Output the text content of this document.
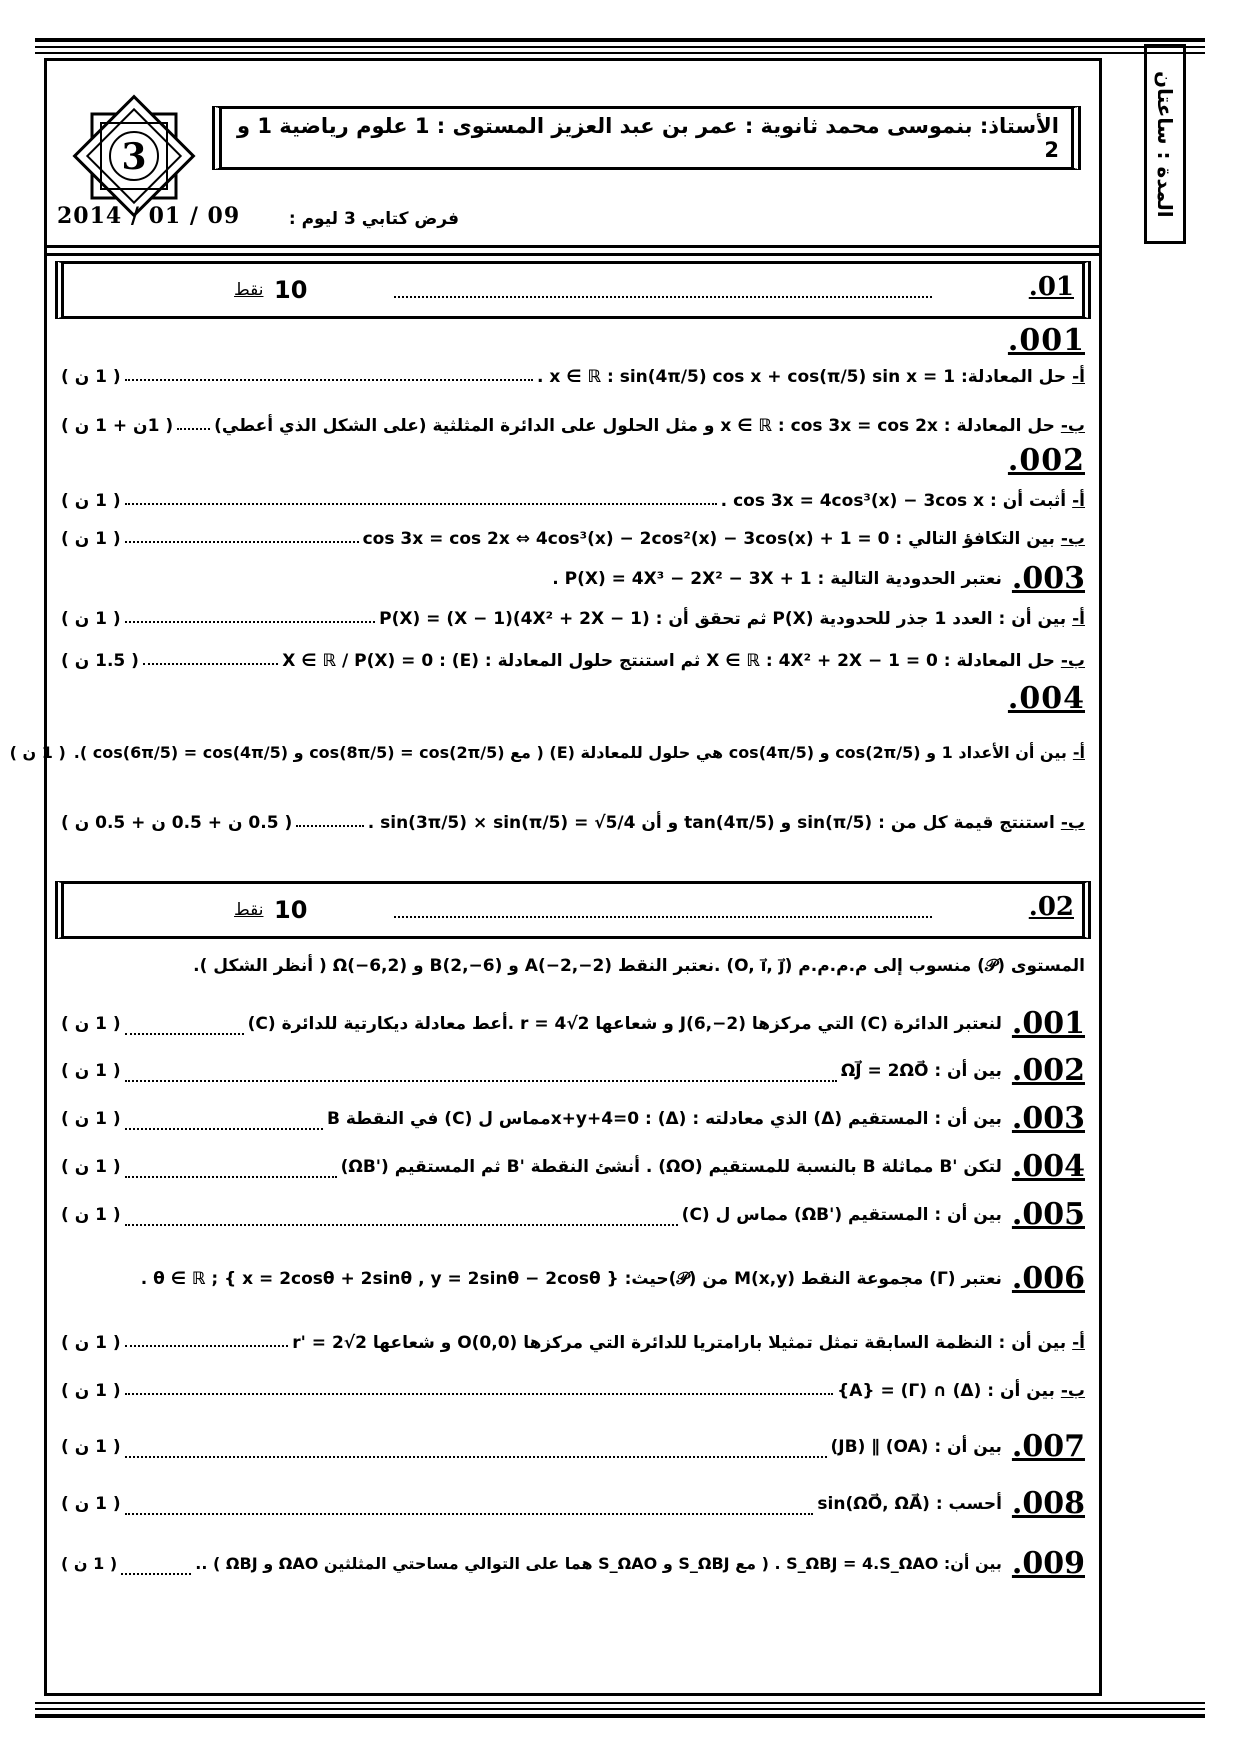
المدة : ساعتان
3
الأستاذ: بنموسى محمد ثانوية : عمر بن عبد العزيز المستوى : 1 علوم رياضية 1 و 2
فرض كتابي 3 ليوم :
2014 / 01 / 09
.01
10
نقط
.001
أ-
حل المعادلة: x ∈ ℝ : sin(4π/5) cos x + cos(π/5) sin x = 1 .
( 1 ن )
ب-
حل المعادلة : x ∈ ℝ : cos 3x = cos 2x و مثل الحلول على الدائرة المثلثية (على الشكل الذي أعطي)
( 1ن + 1 ن )
.002
أ-
أثبت أن : cos 3x = 4cos³(x) − 3cos x .
( 1 ن )
ب-
بين التكافؤ التالي : cos 3x = cos 2x ⇔ 4cos³(x) − 2cos²(x) − 3cos(x) + 1 = 0
( 1 ن )
.003
نعتبر الحدودية التالية : P(X) = 4X³ − 2X² − 3X + 1 .
أ-
بين أن : العدد 1 جذر للحدودية P(X) ثم تحقق أن : P(X) = (X − 1)(4X² + 2X − 1)
( 1 ن )
ب-
حل المعادلة : X ∈ ℝ : 4X² + 2X − 1 = 0 ثم استنتج حلول المعادلة : (E) : X ∈ ℝ / P(X) = 0
( 1.5 ن )
.004
أ-
بين أن الأعداد 1 و cos(2π/5) و cos(4π/5) هي حلول للمعادلة (E) ( مع cos(8π/5) = cos(2π/5) و cos(6π/5) = cos(4π/5) ).
( 1 ن )
ب-
استنتج قيمة كل من : sin(π/5) و tan(4π/5) و أن sin(3π/5) × sin(π/5) = √5/4 .
( 0.5 ن + 0.5 ن + 0.5 ن )
.02
10
نقط
المستوى (𝒫) منسوب إلى م.م.م.م (O, i⃗, j⃗) .نعتبر النقط A(−2,−2) و B(2,−6) و Ω(−6,2) ( أنظر الشكل ).
.001
لنعتبر الدائرة (C) التي مركزها J(6,−2) و شعاعها r = 4√2 .أعط معادلة ديكارتية للدائرة (C)
( 1 ن )
.002
بين أن : ΩJ⃗ = 2ΩO⃗
( 1 ن )
.003
بين أن : المستقيم (Δ) الذي معادلته : x+y+4=0 : (Δ)مماس ل (C) في النقطة B
( 1 ن )
.004
لتكن 'B مماثلة B بالنسبة للمستقيم (ΩO) . أنشئ النقطة 'B ثم المستقيم ('ΩB)
( 1 ن )
.005
بين أن : المستقيم ('ΩB) مماس ل (C)
( 1 ن )
.006
نعتبر (Γ) مجموعة النقط M(x,y) من (𝒫)حيث: θ ∈ ℝ ; { x = 2cosθ + 2sinθ , y = 2sinθ − 2cosθ } .
أ-
بين أن : النظمة السابقة تمثل تمثيلا بارامتريا للدائرة التي مركزها O(0,0) و شعاعها r' = 2√2
( 1 ن )
ب-
بين أن : (Δ) ∩ (Γ) = {A}
( 1 ن )
.007
بين أن : (OA) ∥ (JB)
( 1 ن )
.008
أحسب : sin(ΩO⃗, ΩA⃗)
( 1 ن )
.009
بين أن: S_ΩBJ = 4.S_ΩAO . ( مع S_ΩBJ و S_ΩAO هما على التوالي مساحتي المثلثين ΩAO و ΩBJ ) ..
( 1 ن )
